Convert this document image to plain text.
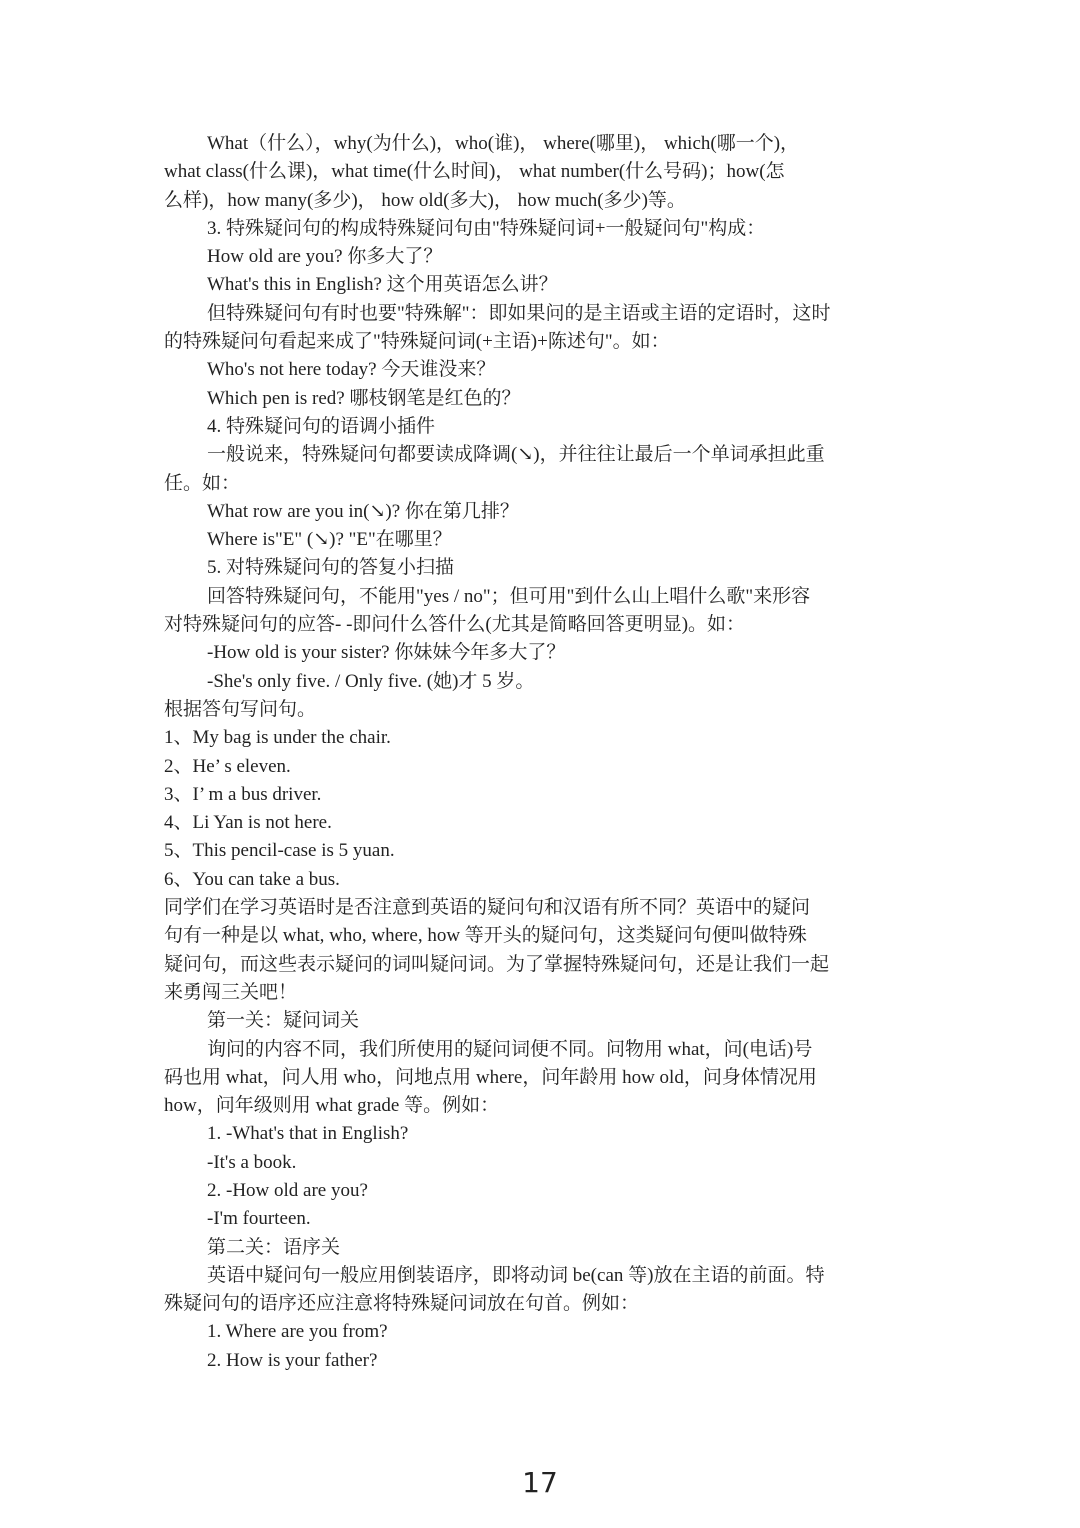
What（什么），why(为什么)，who(谁)， where(哪里)， which(哪一个)，

what class(什么课)，what time(什么时间)， what number(什么号码)；how(怎

么样)，how many(多少)， how old(多大)， how much(多少)等。

3. 特殊疑问句的构成特殊疑问句由"特殊疑问词+一般疑问句"构成：

How old are you? 你多大了？

What's this in English? 这个用英语怎么讲？

但特殊疑问句有时也要"特殊解"：即如果问的是主语或主语的定语时，这时

的特殊疑问句看起来成了"特殊疑问词(+主语)+陈述句"。如：

Who's not here today? 今天谁没来？

Which pen is red? 哪枝钢笔是红色的？

4. 特殊疑问句的语调小插件

一般说来，特殊疑问句都要读成降调(↘)，并往往让最后一个单词承担此重

任。如：

What row are you in(↘)? 你在第几排？

Where is"E" (↘)? "E"在哪里？

5. 对特殊疑问句的答复小扫描

回答特殊疑问句，不能用"yes / no"；但可用"到什么山上唱什么歌"来形容

对特殊疑问句的应答- -即问什么答什么(尤其是简略回答更明显)。如：

-How old is your sister? 你妹妹今年多大了？

-She's only five. / Only five. (她)才 5 岁。

根据答句写问句。

1、My bag is under the chair.

2、He’ s eleven.

3、I’ m a bus driver.

4、Li Yan is not here.

5、This pencil-case is 5 yuan.

6、You can take a bus.

同学们在学习英语时是否注意到英语的疑问句和汉语有所不同？英语中的疑问

句有一种是以 what, who, where, how 等开头的疑问句，这类疑问句便叫做特殊

疑问句，而这些表示疑问的词叫疑问词。为了掌握特殊疑问句，还是让我们一起

来勇闯三关吧！

第一关：疑问词关

询问的内容不同，我们所使用的疑问词便不同。问物用 what，问(电话)号

码也用 what，问人用 who，问地点用 where，问年龄用 how old，问身体情况用

how，问年级则用 what grade 等。例如：

1. -What's that in English?

-It's a book.

2. -How old are you?

-I'm fourteen.

第二关：语序关

英语中疑问句一般应用倒装语序，即将动词 be(can 等)放在主语的前面。特

殊疑问句的语序还应注意将特殊疑问词放在句首。例如：

1. Where are you from?

2. How is your father?

17
